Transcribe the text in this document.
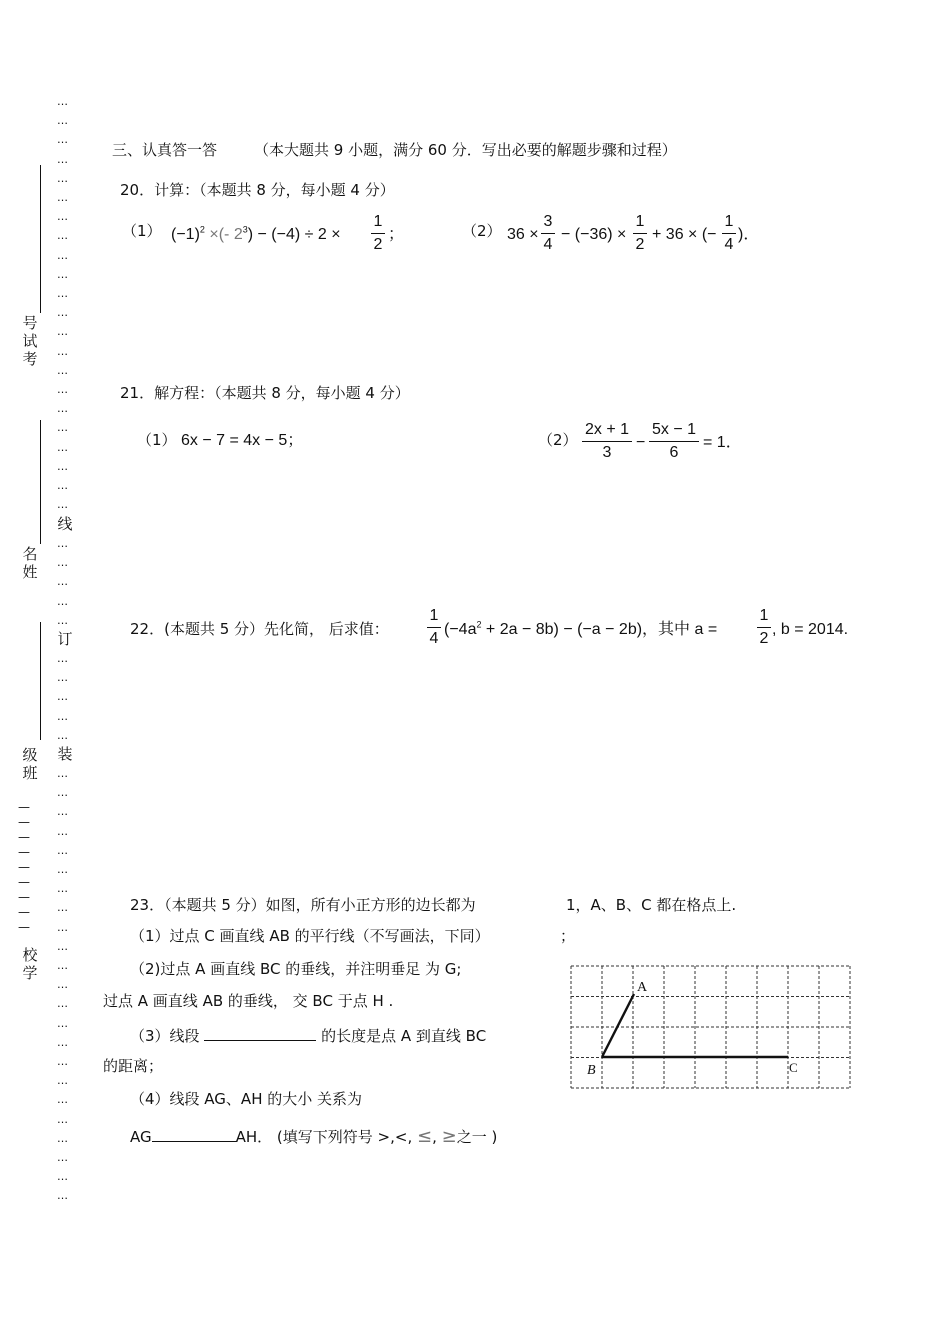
…
…
…
…
…
…
…
…
…
…
…
…
…
…
…
…
…
…
…
…
…
…
线
…
…
…
…
…
订
…
…
…
…
…
装
…
…
…
…
…
…
…
…
…
…
…
…
…
…
…
…
…
…
…
…
…
…
…
号
试
考
名
姓
级
班
—
—
—
—
—
—
—
—
—
校
学
三、认真答一答 （本大题共 9 小题，满分 60 分．写出必要的解题步骤和过程）
20．计算：（本题共 8 分，每小题 4 分）
（1） $(-1)^2$ ×(- $2^3) - (-4) \div 2$ ×
1
2
；	（2） 36 ×
3
4
− (−36) ×
1
2
+ 36 × (−
1
4
)．
21．解方程：（本题共 8 分，每小题 4 分）
（1） 6x − 7 = 4x − 5；	（2）
2x + 1
3
−
5x − 1
6
= 1．
22．(本题共 5 分）先化简， 后求值：
1
4
$(-4a^2 + 2a - 8b) - (-a - 2b)$，其中 a =
1
2
, b = 2014.
23．（本题共 5 分）如图，所有小正方形的边长都为	1，A、B、C 都在格点上.
（1）过点 C 画直线 AB 的平行线（不写画法，下同）	；
（2)过点 A 画直线 BC 的垂线，并注明垂足 为 G;
过点 A 画直线 AB 的垂线， 交 BC 于点 H .
（3）线段	的长度是点 A 到直线 BC
的距离；
（4）线段 AG、AH 的大小 关系为
AG	AH． (填写下列符号 >,<, ≤, ≥之一 )
A
B	C
